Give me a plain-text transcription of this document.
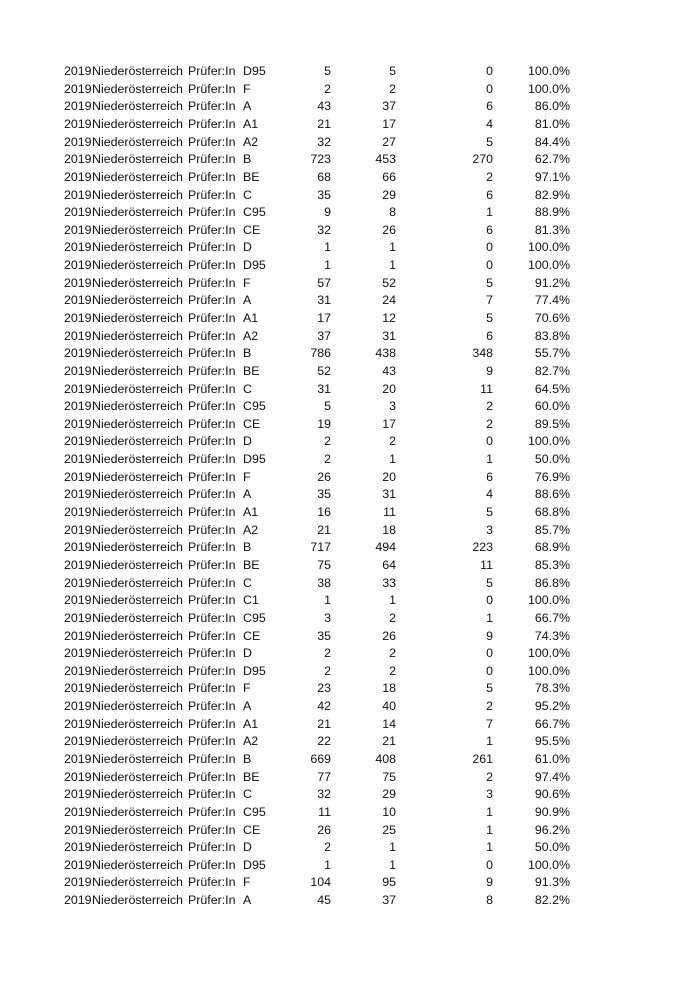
2019	Niederösterreich	Prüfer:In	D95	5	5	0	100.0%
2019	Niederösterreich	Prüfer:In	F	2	2	0	100.0%
2019	Niederösterreich	Prüfer:In	A	43	37	6	86.0%
2019	Niederösterreich	Prüfer:In	A1	21	17	4	81.0%
2019	Niederösterreich	Prüfer:In	A2	32	27	5	84.4%
2019	Niederösterreich	Prüfer:In	B	723	453	270	62.7%
2019	Niederösterreich	Prüfer:In	BE	68	66	2	97.1%
2019	Niederösterreich	Prüfer:In	C	35	29	6	82.9%
2019	Niederösterreich	Prüfer:In	C95	9	8	1	88.9%
2019	Niederösterreich	Prüfer:In	CE	32	26	6	81.3%
2019	Niederösterreich	Prüfer:In	D	1	1	0	100.0%
2019	Niederösterreich	Prüfer:In	D95	1	1	0	100.0%
2019	Niederösterreich	Prüfer:In	F	57	52	5	91.2%
2019	Niederösterreich	Prüfer:In	A	31	24	7	77.4%
2019	Niederösterreich	Prüfer:In	A1	17	12	5	70.6%
2019	Niederösterreich	Prüfer:In	A2	37	31	6	83.8%
2019	Niederösterreich	Prüfer:In	B	786	438	348	55.7%
2019	Niederösterreich	Prüfer:In	BE	52	43	9	82.7%
2019	Niederösterreich	Prüfer:In	C	31	20	11	64.5%
2019	Niederösterreich	Prüfer:In	C95	5	3	2	60.0%
2019	Niederösterreich	Prüfer:In	CE	19	17	2	89.5%
2019	Niederösterreich	Prüfer:In	D	2	2	0	100.0%
2019	Niederösterreich	Prüfer:In	D95	2	1	1	50.0%
2019	Niederösterreich	Prüfer:In	F	26	20	6	76.9%
2019	Niederösterreich	Prüfer:In	A	35	31	4	88.6%
2019	Niederösterreich	Prüfer:In	A1	16	11	5	68.8%
2019	Niederösterreich	Prüfer:In	A2	21	18	3	85.7%
2019	Niederösterreich	Prüfer:In	B	717	494	223	68.9%
2019	Niederösterreich	Prüfer:In	BE	75	64	11	85.3%
2019	Niederösterreich	Prüfer:In	C	38	33	5	86.8%
2019	Niederösterreich	Prüfer:In	C1	1	1	0	100.0%
2019	Niederösterreich	Prüfer:In	C95	3	2	1	66.7%
2019	Niederösterreich	Prüfer:In	CE	35	26	9	74.3%
2019	Niederösterreich	Prüfer:In	D	2	2	0	100.0%
2019	Niederösterreich	Prüfer:In	D95	2	2	0	100.0%
2019	Niederösterreich	Prüfer:In	F	23	18	5	78.3%
2019	Niederösterreich	Prüfer:In	A	42	40	2	95.2%
2019	Niederösterreich	Prüfer:In	A1	21	14	7	66.7%
2019	Niederösterreich	Prüfer:In	A2	22	21	1	95.5%
2019	Niederösterreich	Prüfer:In	B	669	408	261	61.0%
2019	Niederösterreich	Prüfer:In	BE	77	75	2	97.4%
2019	Niederösterreich	Prüfer:In	C	32	29	3	90.6%
2019	Niederösterreich	Prüfer:In	C95	11	10	1	90.9%
2019	Niederösterreich	Prüfer:In	CE	26	25	1	96.2%
2019	Niederösterreich	Prüfer:In	D	2	1	1	50.0%
2019	Niederösterreich	Prüfer:In	D95	1	1	0	100.0%
2019	Niederösterreich	Prüfer:In	F	104	95	9	91.3%
2019	Niederösterreich	Prüfer:In	A	45	37	8	82.2%
